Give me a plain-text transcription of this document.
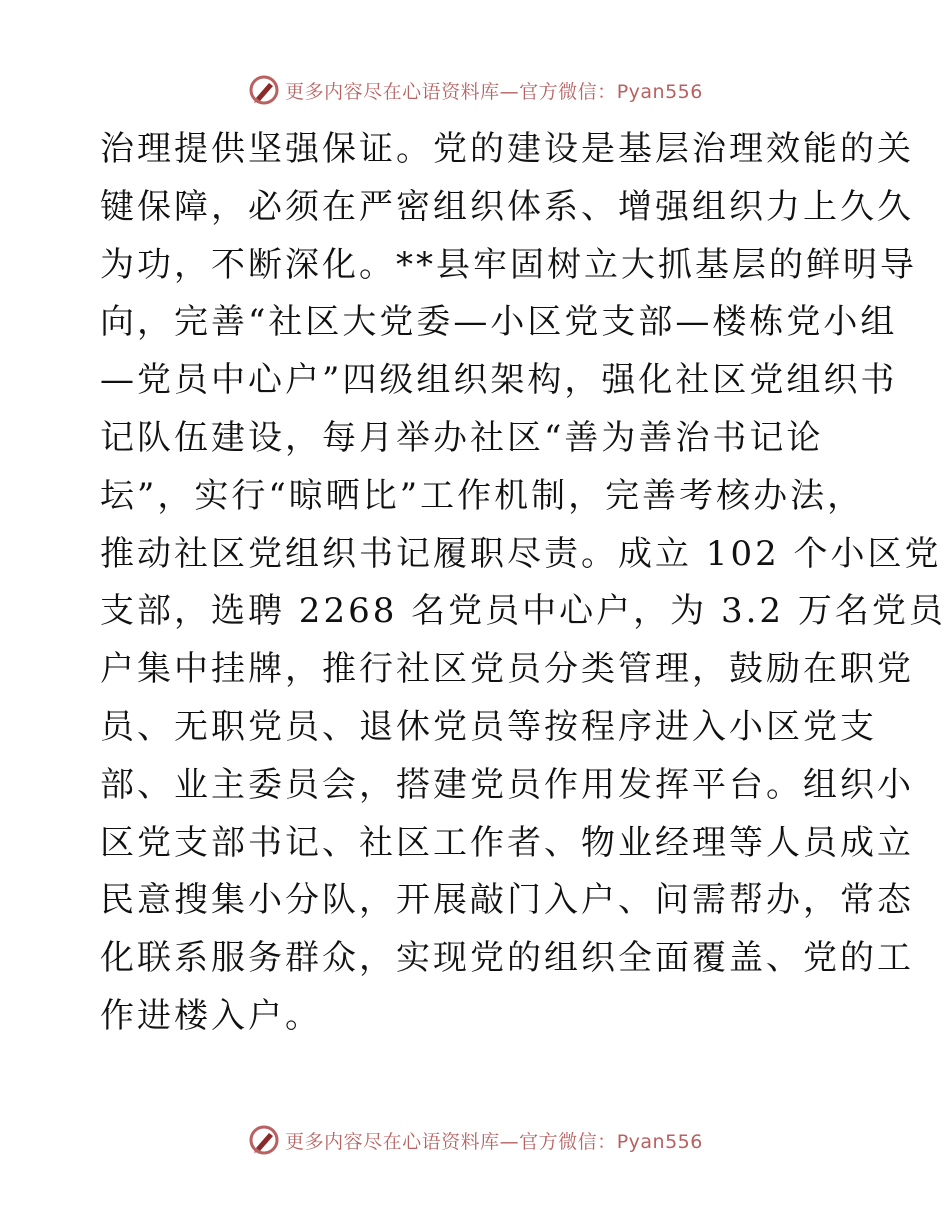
更多内容尽在心语资料库—官方微信：Pyan556
治理提供坚强保证。党的建设是基层治理效能的关
键保障，必须在严密组织体系、增强组织力上久久
为功，不断深化。**县牢固树立大抓基层的鲜明导
向，完善“社区大党委—小区党支部—楼栋党小组
—党员中心户”四级组织架构，强化社区党组织书
记队伍建设，每月举办社区“善为善治书记论
坛”，实行“晾晒比”工作机制，完善考核办法，
推动社区党组织书记履职尽责。成立 102 个小区党
支部，选聘 2268 名党员中心户，为 3.2 万名党员
户集中挂牌，推行社区党员分类管理，鼓励在职党
员、无职党员、退休党员等按程序进入小区党支
部、业主委员会，搭建党员作用发挥平台。组织小
区党支部书记、社区工作者、物业经理等人员成立
民意搜集小分队，开展敲门入户、问需帮办，常态
化联系服务群众，实现党的组织全面覆盖、党的工
作进楼入户。
更多内容尽在心语资料库—官方微信：Pyan556
